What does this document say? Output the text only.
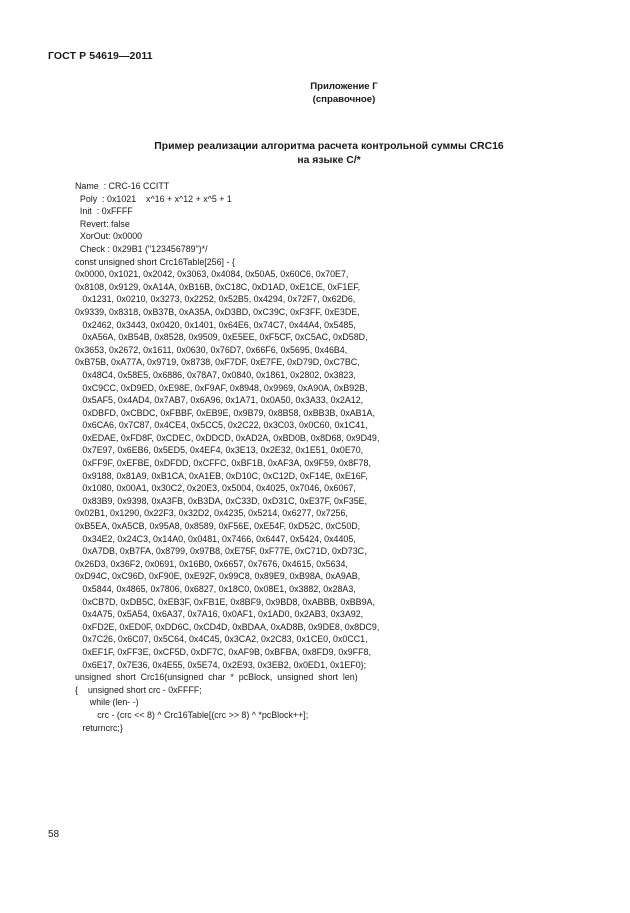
ГОСТ Р 54619—2011
Приложение Г
(справочное)
Пример реализации алгоритма расчета контрольной суммы CRC16
на языке С/*
Name  : CRC-16 CCITT
Poly  : 0x1021    x^16 + x^12 + x^5 + 1
Init  : 0xFFFF
Revert: false
XorOut: 0x0000
Check : 0x29B1 ("123456789")*/
const unsigned short Crc16Table[256] - {
0x0000, 0x1021, 0x2042, 0x3063, 0x4084, 0x50A5, 0x60C6, 0x70E7,
0x8108, 0x9129, 0xA14A, 0xB16B, 0xC18C, 0xD1AD, 0xE1CE, 0xF1EF,
0x1231, 0x0210, 0x3273, 0x2252, 0x52B5, 0x4294, 0x72F7, 0x62D6,
0x9339, 0x8318, 0xB37B, 0xA35A, 0xD3BD, 0xC39C, 0xF3FF, 0xE3DE,
0x2462, 0x3443, 0x0420, 0x1401, 0x64E6, 0x74C7, 0x44A4, 0x5485,
0xA56A, 0xB54B, 0x8528, 0x9509, 0xE5EE, 0xF5CF, 0xC5AC, 0xD58D,
0x3653, 0x2672, 0x1611, 0x0630, 0x76D7, 0x66F6, 0x5695, 0x46B4,
0xB75B, 0xA77A, 0x9719, 0x8738, 0xF7DF, 0xE7FE, 0xD79D, 0xC7BC,
0x48C4, 0x58E5, 0x6886, 0x78A7, 0x0840, 0x1861, 0x2802, 0x3823,
0xC9CC, 0xD9ED, 0xE98E, 0xF9AF, 0x8948, 0x9969, 0xA90A, 0xB92B,
0x5AF5, 0x4AD4, 0x7AB7, 0x6A96, 0x1A71, 0x0A50, 0x3A33, 0x2A12,
0xDBFD, 0xCBDC, 0xFBBF, 0xEB9E, 0x9B79, 0x8B58, 0xBB3B, 0xAB1A,
0x6CA6, 0x7C87, 0x4CE4, 0x5CC5, 0x2C22, 0x3C03, 0x0C60, 0x1C41,
0xEDAE, 0xFD8F, 0xCDEC, 0xDDCD, 0xAD2A, 0xBD0B, 0x8D68, 0x9D49,
0x7E97, 0x6EB6, 0x5ED5, 0x4EF4, 0x3E13, 0x2E32, 0x1E51, 0x0E70,
0xFF9F, 0xEFBE, 0xDFDD, 0xCFFC, 0xBF1B, 0xAF3A, 0x9F59, 0x8F78,
0x9188, 0x81A9, 0xB1CA, 0xA1EB, 0xD10C, 0xC12D, 0xF14E, 0xE16F,
0x1080, 0x00A1, 0x30C2, 0x20E3, 0x5004, 0x4025, 0x7046, 0x6067,
0x83B9, 0x9398, 0xA3FB, 0xB3DA, 0xC33D, 0xD31C, 0xE37F, 0xF35E,
0x02B1, 0x1290, 0x22F3, 0x32D2, 0x4235, 0x5214, 0x6277, 0x7256,
0xB5EA, 0xA5CB, 0x95A8, 0x8589, 0xF56E, 0xE54F, 0xD52C, 0xC50D,
0x34E2, 0x24C3, 0x14A0, 0x0481, 0x7466, 0x6447, 0x5424, 0x4405,
0xA7DB, 0xB7FA, 0x8799, 0x97B8, 0xE75F, 0xF77E, 0xC71D, 0xD73C,
0x26D3, 0x36F2, 0x0691, 0x16B0, 0x6657, 0x7676, 0x4615, 0x5634,
0xD94C, 0xC96D, 0xF90E, 0xE92F, 0x99C8, 0x89E9, 0xB98A, 0xA9AB,
0x5844, 0x4865, 0x7806, 0x6827, 0x18C0, 0x08E1, 0x3882, 0x28A3,
0xCB7D, 0xDB5C, 0xEB3F, 0xFB1E, 0x8BF9, 0x9BD8, 0xABBB, 0xBB9A,
0x4A75, 0x5A54, 0x6A37, 0x7A16, 0x0AF1, 0x1AD0, 0x2AB3, 0x3A92,
0xFD2E, 0xED0F, 0xDD6C, 0xCD4D, 0xBDAA, 0xAD8B, 0x9DE8, 0x8DC9,
0x7C26, 0x6C07, 0x5C64, 0x4C45, 0x3CA2, 0x2C83, 0x1CE0, 0x0CC1,
0xEF1F, 0xFF3E, 0xCF5D, 0xDF7C, 0xAF9B, 0xBFBA, 0x8FD9, 0x9FF8,
0x6E17, 0x7E36, 0x4E55, 0x5E74, 0x2E93, 0x3EB2, 0x0ED1, 0x1EF0};
unsigned  short  Crc16(unsigned  char  *  pcBlock,  unsigned  short  len)
{    unsigned short crc - 0xFFFF;
while (len- -)
crc - (crc << 8) ^ Crc16Table[(crc >> 8) ^ *pcBlock++];
returncrc;}
58
